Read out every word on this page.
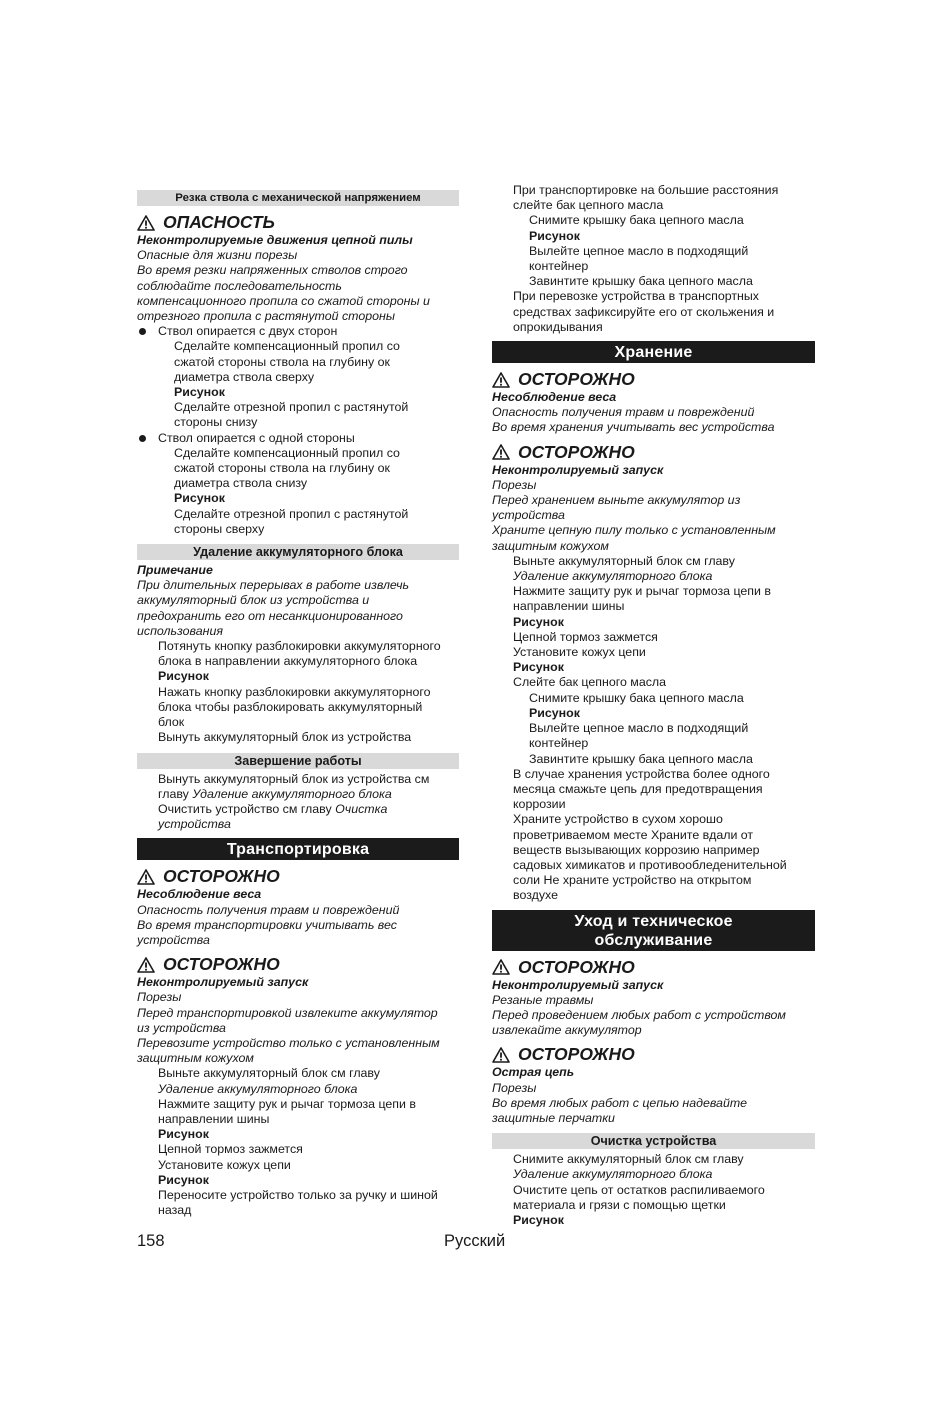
Резка ствола с механической напряжением
ОПАСНОСТЬ
Неконтролируемые движения цепной пилы
Опасные для жизни порезы
Во время резки напряженных стволов строго
соблюдайте последовательность
компенсационного пропила со сжатой стороны и
отрезного пропила с растянутой стороны
Ствол опирается с двух сторон
Сделайте компенсационный пропил со
сжатой стороны ствола на глубину ок
диаметра ствола сверху
Рисунок
Сделайте отрезной пропил с растянутой
стороны снизу
Ствол опирается с одной стороны
Сделайте компенсационный пропил со
сжатой стороны ствола на глубину ок
диаметра ствола снизу
Рисунок
Сделайте отрезной пропил с растянутой
стороны сверху
Удаление аккумуляторного блока
Примечание
При длительных перерывах в работе извлечь
аккумуляторный блок из устройства и
предохранить его от несанкционированного
использования
Потянуть кнопку разблокировки аккумуляторного
блока в направлении аккумуляторного блока
Рисунок
Нажать кнопку разблокировки аккумуляторного
блока чтобы разблокировать аккумуляторный
блок
Вынуть аккумуляторный блок из устройства
Завершение работы
Вынуть аккумуляторный блок из устройства см
главу Удаление аккумуляторного блока
Очистить устройство см главу Очистка
устройства
Транспортировка
ОСТОРОЖНО
Несоблюдение веса
Опасность получения травм и повреждений
Во время транспортировки учитывать вес
устройства
ОСТОРОЖНО
Неконтролируемый запуск
Порезы
Перед транспортировкой извлеките аккумулятор
из устройства
Перевозите устройство только с установленным
защитным кожухом
Выньте аккумуляторный блок см главу
Удаление аккумуляторного блока
Нажмите защиту рук и рычаг тормоза цепи в
направлении шины
Рисунок
Цепной тормоз зажмется
Установите кожух цепи
Рисунок
Переносите устройство только за ручку и шиной
назад
При транспортировке на большие расстояния
слейте бак цепного масла
Снимите крышку бака цепного масла
Рисунок
Вылейте цепное масло в подходящий
контейнер
Завинтите крышку бака цепного масла
При перевозке устройства в транспортных
средствах зафиксируйте его от скольжения и
опрокидывания
Хранение
ОСТОРОЖНО
Несоблюдение веса
Опасность получения травм и повреждений
Во время хранения учитывать вес устройства
ОСТОРОЖНО
Неконтролируемый запуск
Порезы
Перед хранением выньте аккумулятор из
устройства
Храните цепную пилу только с установленным
защитным кожухом
Выньте аккумуляторный блок см главу
Удаление аккумуляторного блока
Нажмите защиту рук и рычаг тормоза цепи в
направлении шины
Рисунок
Цепной тормоз зажмется
Установите кожух цепи
Рисунок
Слейте бак цепного масла
Снимите крышку бака цепного масла
Рисунок
Вылейте цепное масло в подходящий
контейнер
Завинтите крышку бака цепного масла
В случае хранения устройства более одного
месяца смажьте цепь для предотвращения
коррозии
Храните устройство в сухом хорошо
проветриваемом месте Храните вдали от
веществ вызывающих коррозию например
садовых химикатов и противообледенительной
соли Не храните устройство на открытом
воздухе
Уход и техническое
обслуживание
ОСТОРОЖНО
Неконтролируемый запуск
Резаные травмы
Перед проведением любых работ с устройством
извлекайте аккумулятор
ОСТОРОЖНО
Острая цепь
Порезы
Во время любых работ с цепью надевайте
защитные перчатки
Очистка устройства
Снимите аккумуляторный блок см главу
Удаление аккумуляторного блока
Очистите цепь от остатков распиливаемого
материала и грязи с помощью щетки
Рисунок
158	Русский
